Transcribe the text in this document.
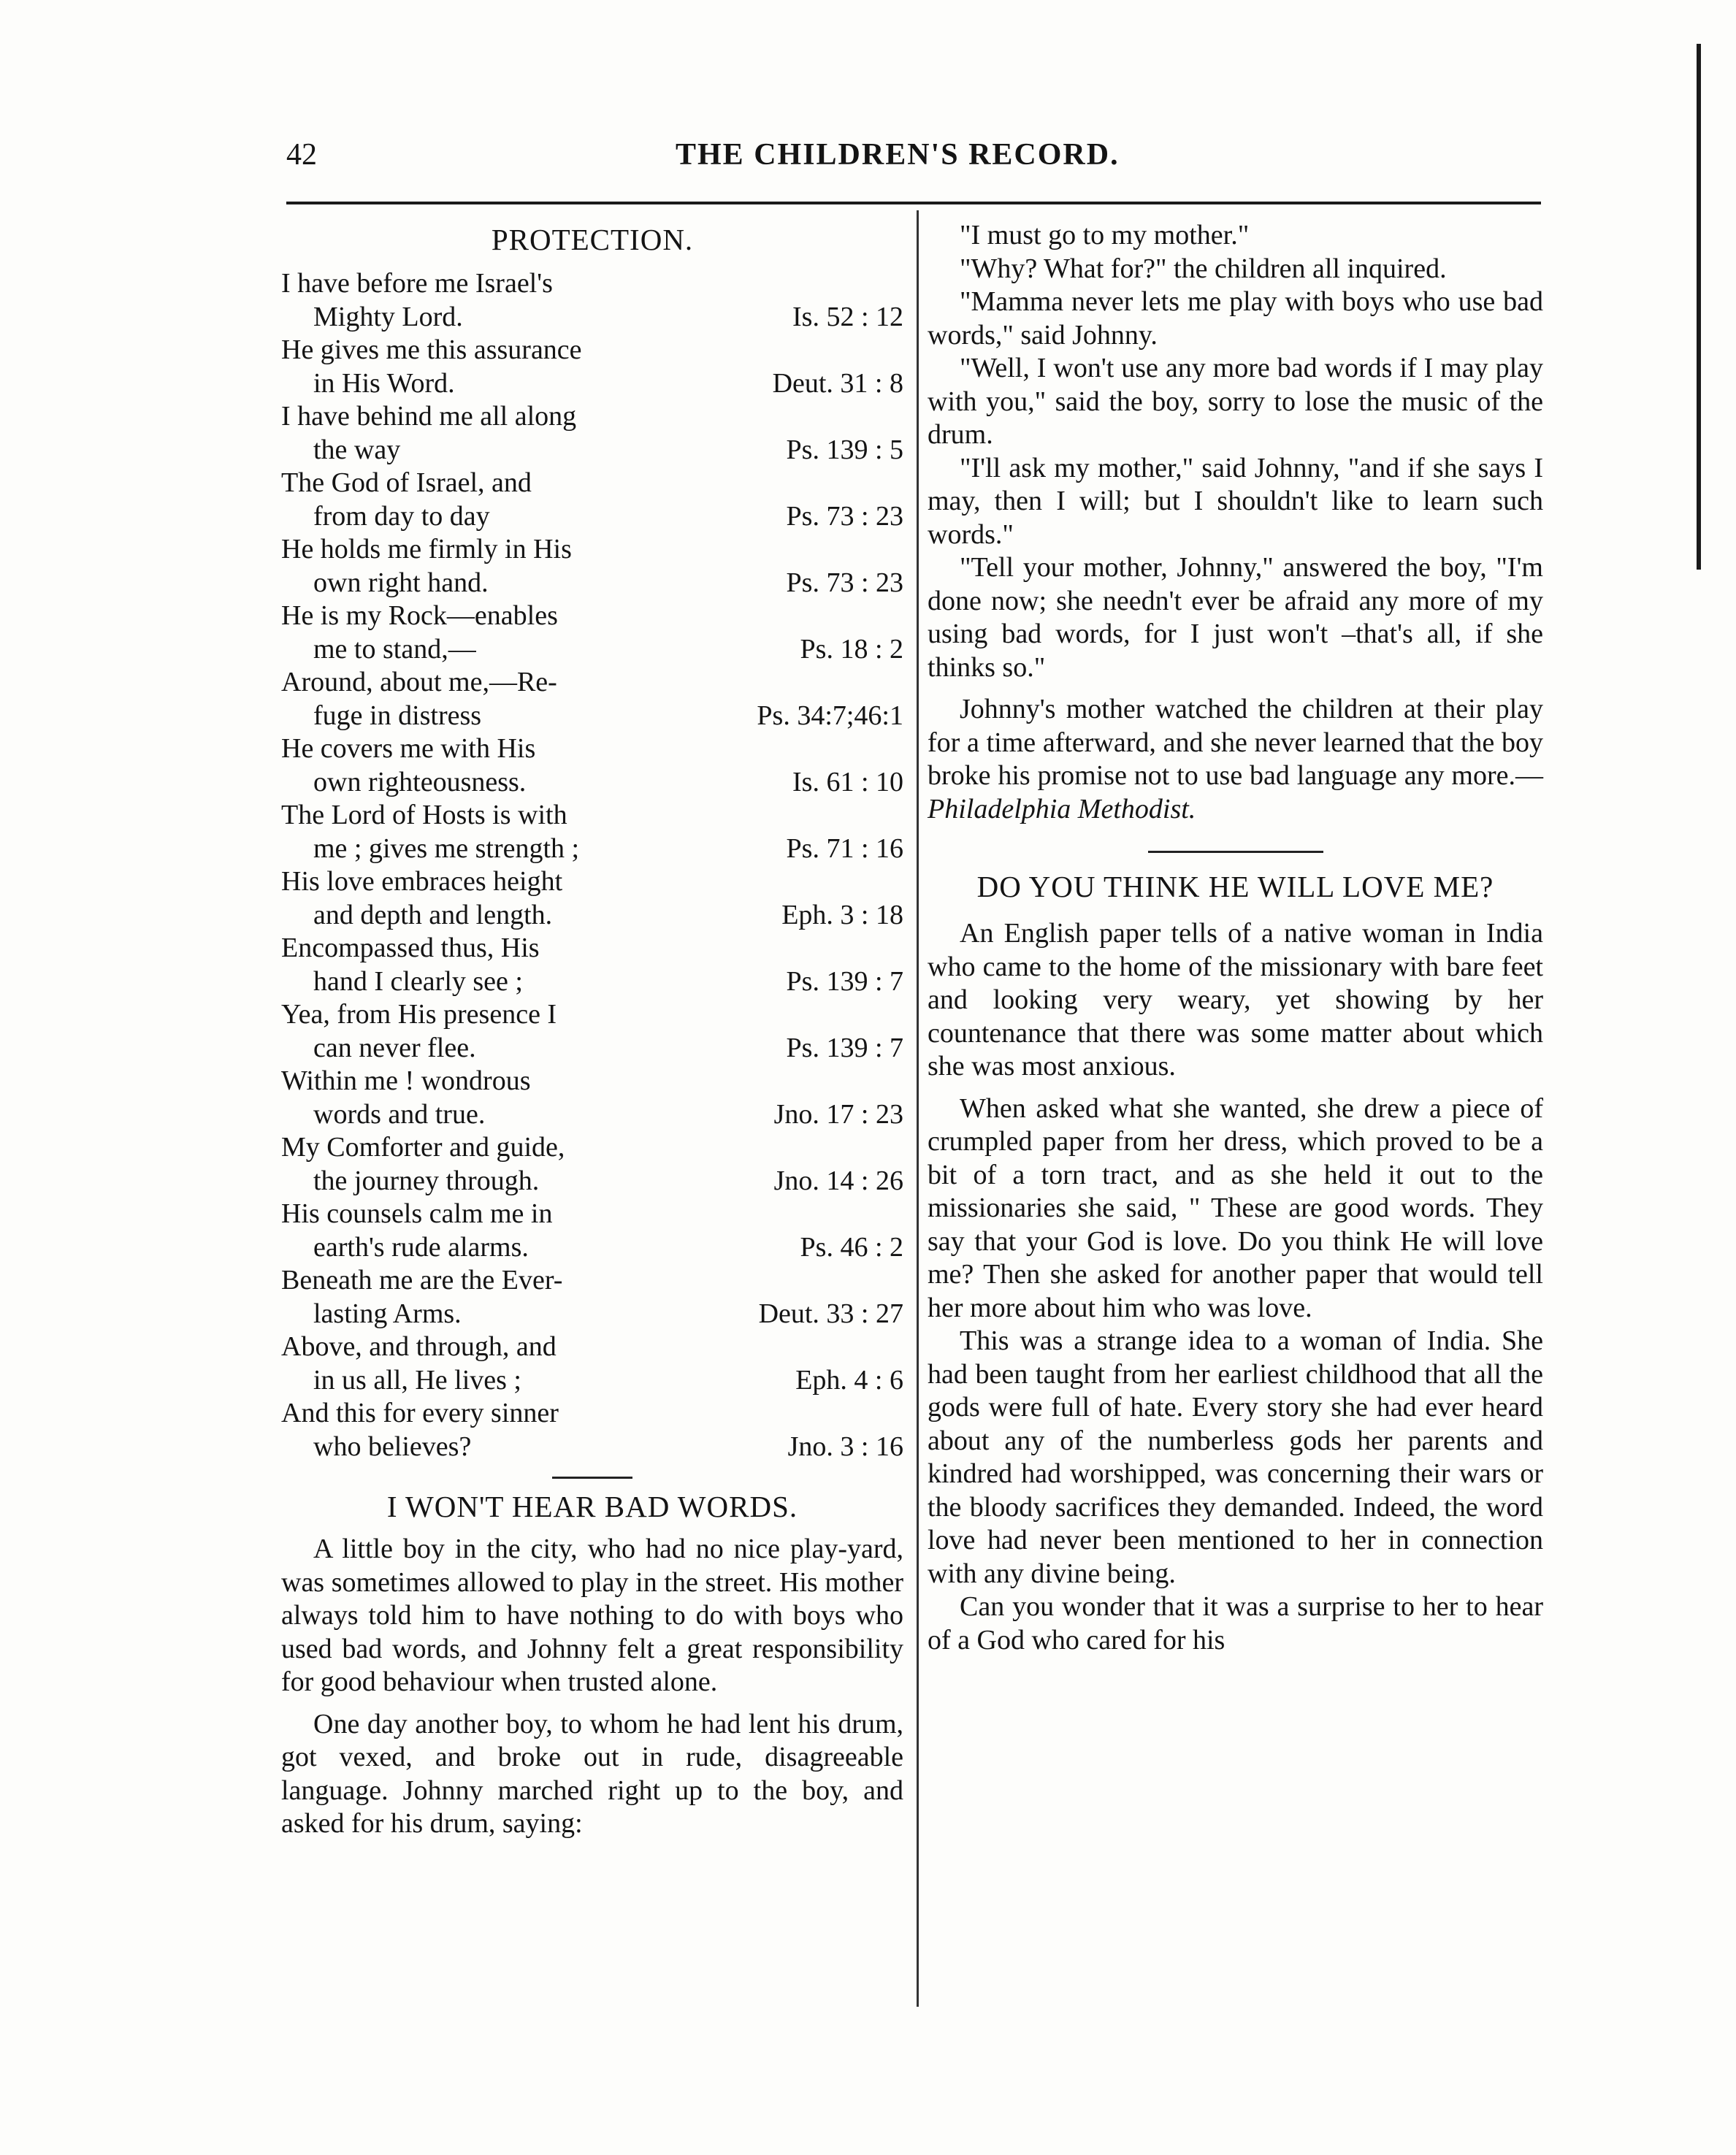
42	THE CHILDREN'S RECORD.
PROTECTION.
I have before me Israel's
Mighty Lord.	Is. 52 : 12
He gives me this assurance
in His Word.	Deut. 31 : 8
I have behind me all along
the way	Ps. 139 : 5
The God of Israel, and
from day to day	Ps. 73 : 23
He holds me firmly in His
own right hand.	Ps. 73 : 23
He is my Rock—enables
me to stand,—	Ps. 18 : 2
Around, about me,—Re-
fuge in distress	Ps. 34:7;46:1
He covers me with His
own righteousness.	Is. 61 : 10
The Lord of Hosts is with
me ; gives me strength ;	Ps. 71 : 16
His love embraces height
and depth and length.	Eph. 3 : 18
Encompassed thus, His
hand I clearly see ;	Ps. 139 : 7
Yea, from His presence I
can never flee.	Ps. 139 : 7
Within me ! wondrous
words and true.	Jno. 17 : 23
My Comforter and guide,
the journey through.	Jno. 14 : 26
His counsels calm me in
earth's rude alarms.	Ps. 46 : 2
Beneath me are the Ever-
lasting Arms.	Deut. 33 : 27
Above, and through, and
in us all, He lives ;	Eph. 4 : 6
And this for every sinner
who believes?	Jno. 3 : 16
I WON'T HEAR BAD WORDS.

A little boy in the city, who had no nice play-yard, was sometimes allowed to play in the street. His mother always told him to have nothing to do with boys who used bad words, and Johnny felt a great responsibility for good behaviour when trusted alone.

One day another boy, to whom he had lent his drum, got vexed, and broke out in rude, disagreeable language. Johnny marched right up to the boy, and asked for his drum, saying:

"I must go to my mother."

"Why? What for?" the children all inquired.

"Mamma never lets me play with boys who use bad words," said Johnny.

"Well, I won't use any more bad words if I may play with you," said the boy, sorry to lose the music of the drum.

"I'll ask my mother," said Johnny, "and if she says I may, then I will; but I shouldn't like to learn such words."

"Tell your mother, Johnny," answered the boy, "I'm done now; she needn't ever be afraid any more of my using bad words, for I just won't –that's all, if she thinks so."

Johnny's mother watched the children at their play for a time afterward, and she never learned that the boy broke his promise not to use bad language any more.— Philadelphia Methodist.

DO YOU THINK HE WILL LOVE ME?

An English paper tells of a native woman in India who came to the home of the missionary with bare feet and looking very weary, yet showing by her countenance that there was some matter about which she was most anxious.

When asked what she wanted, she drew a piece of crumpled paper from her dress, which proved to be a bit of a torn tract, and as she held it out to the missionaries she said, " These are good words. They say that your God is love. Do you think He will love me? Then she asked for another paper that would tell her more about him who was love.

This was a strange idea to a woman of India. She had been taught from her earliest childhood that all the gods were full of hate. Every story she had ever heard about any of the numberless gods her parents and kindred had worshipped, was concerning their wars or the bloody sacrifices they demanded. Indeed, the word love had never been mentioned to her in connection with any divine being.

Can you wonder that it was a surprise to her to hear of a God who cared for his
